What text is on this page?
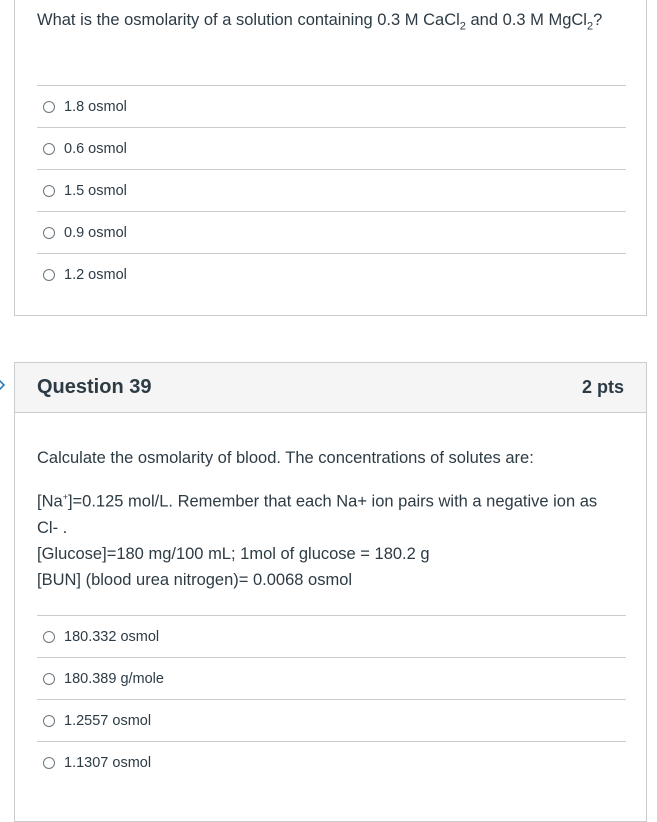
What is the osmolarity of a solution containing 0.3 M CaCl$_2$ and 0.3 M MgCl$_2$?
1.8 osmol
0.6 osmol
1.5 osmol
0.9 osmol
1.2 osmol
Question 39	2 pts
Calculate the osmolarity of blood. The concentrations of solutes are:
[Na+]=0.125 mol/L. Remember that each Na+ ion pairs with a negative ion as Cl- .
[Glucose]=180 mg/100 mL; 1mol of glucose = 180.2 g
[BUN] (blood urea nitrogen)= 0.0068 osmol
180.332 osmol
180.389 g/mole
1.2557 osmol
1.1307 osmol
